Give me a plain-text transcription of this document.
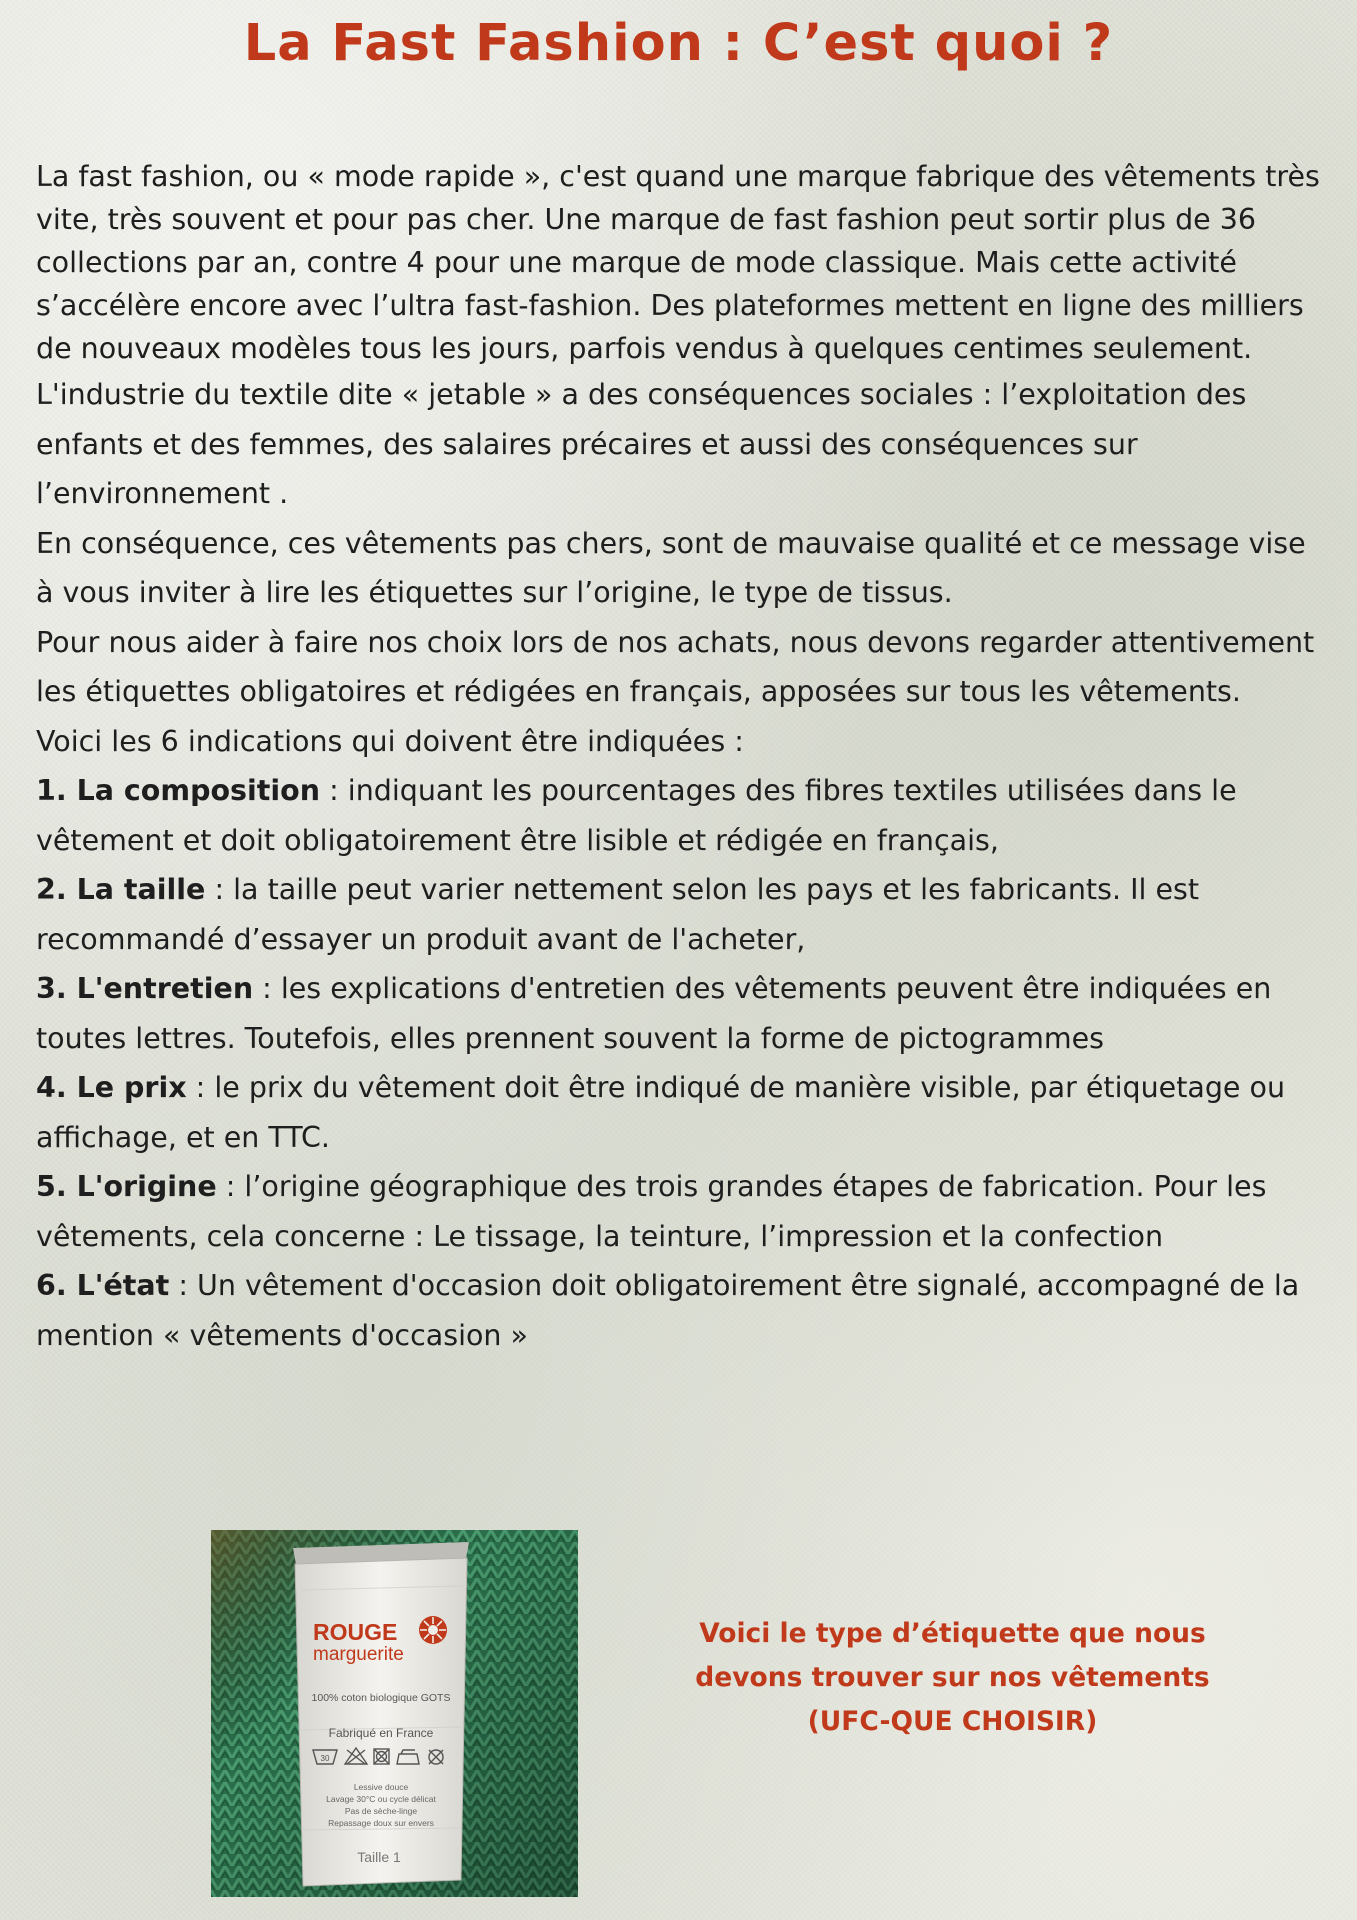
La Fast Fashion : C’est quoi ?

La fast fashion, ou « mode rapide », c'est quand une marque fabrique des vêtements très vite, très souvent et pour pas cher. Une marque de fast fashion peut sortir plus de 36 collections par an, contre 4 pour une marque de mode classique. Mais cette activité s’accélère encore avec l’ultra fast-fashion. Des plateformes mettent en ligne des milliers de nouveaux modèles tous les jours, parfois vendus à quelques centimes seulement.

L'industrie du textile dite « jetable » a des conséquences sociales : l’exploitation des enfants et des femmes, des salaires précaires et aussi des conséquences sur l’environnement .

En conséquence, ces vêtements pas chers, sont de mauvaise qualité et ce message vise à vous inviter à lire les étiquettes sur l’origine, le type de tissus.

Pour nous aider à faire nos choix lors de nos achats, nous devons regarder attentivement les étiquettes obligatoires et rédigées en français, apposées sur tous les vêtements.

Voici les 6 indications qui doivent être indiquées :

1. La composition : indiquant les pourcentages des fibres textiles utilisées dans le vêtement et doit obligatoirement être lisible et rédigée en français,

2. La taille : la taille peut varier nettement selon les pays et les fabricants. Il est recommandé d’essayer un produit avant de l'acheter,

3. L'entretien : les explications d'entretien des vêtements peuvent être indiquées en toutes lettres. Toutefois, elles prennent souvent la forme de pictogrammes

4. Le prix : le prix du vêtement doit être indiqué de manière visible, par étiquetage ou affichage, et en TTC.

5. L'origine : l’origine géographique des trois grandes étapes de fabrication. Pour les vêtements, cela concerne : Le tissage, la teinture, l’impression et la confection

6. L'état : Un vêtement d'occasion doit obligatoirement être signalé, accompagné de la mention « vêtements d'occasion »

ROUGE
marguerite
100% coton biologique GOTS
Fabriqué en France
30
Lessive douce
Lavage 30°C ou cycle délicat
Pas de sèche-linge
Repassage doux sur envers
Taille 1

Voici le type d’étiquette que nous

devons trouver sur nos vêtements

(UFC-QUE CHOISIR)
